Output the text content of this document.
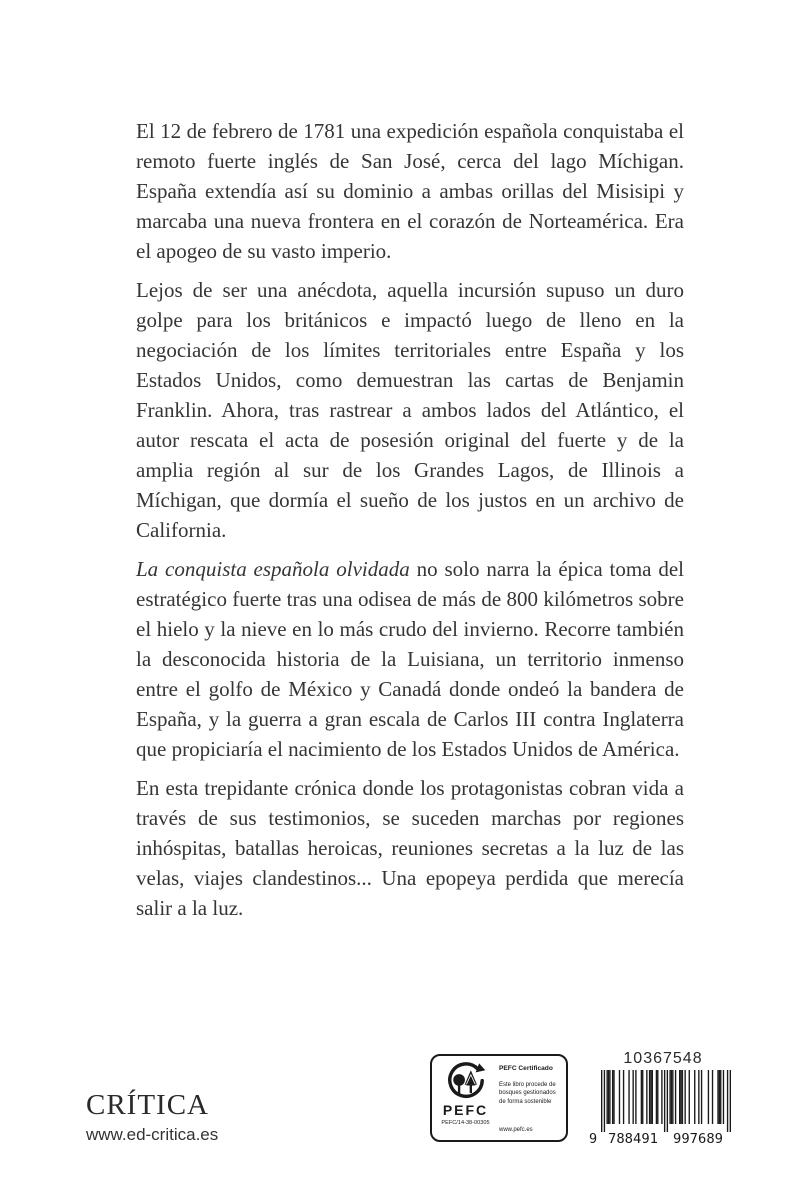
El 12 de febrero de 1781 una expedición española conquistaba el remoto fuerte inglés de San José, cerca del lago Míchigan. España extendía así su dominio a ambas orillas del Misisipi y marcaba una nueva frontera en el corazón de Norteamérica. Era el apogeo de su vasto imperio.

Lejos de ser una anécdota, aquella incursión supuso un duro golpe para los británicos e impactó luego de lleno en la negociación de los límites territoriales entre España y los Estados Unidos, como demuestran las cartas de Benjamin Franklin. Ahora, tras rastrear a ambos lados del Atlántico, el autor rescata el acta de posesión original del fuerte y de la amplia región al sur de los Grandes Lagos, de Illinois a Míchigan, que dormía el sueño de los justos en un archivo de California.

La conquista española olvidada no solo narra la épica toma del estratégico fuerte tras una odisea de más de 800 kilómetros sobre el hielo y la nieve en lo más crudo del invierno. Recorre también la desconocida historia de la Luisiana, un territorio inmenso entre el golfo de México y Canadá donde ondeó la bandera de España, y la guerra a gran escala de Carlos III contra Inglaterra que propiciaría el nacimiento de los Estados Unidos de América.

En esta trepidante crónica donde los protagonistas cobran vida a través de sus testimonios, se suceden marchas por regiones inhóspitas, batallas heroicas, reuniones secretas a la luz de las velas, viajes clandestinos... Una epopeya perdida que merecía salir a la luz.

CRÍTICA
www.ed-critica.es
PEFC
PEFC/14-38-00305
PEFC Certificado
Este libro procede de bosques gestionados de forma sostenible
www.pefc.es
10367548
9 788491 997689
